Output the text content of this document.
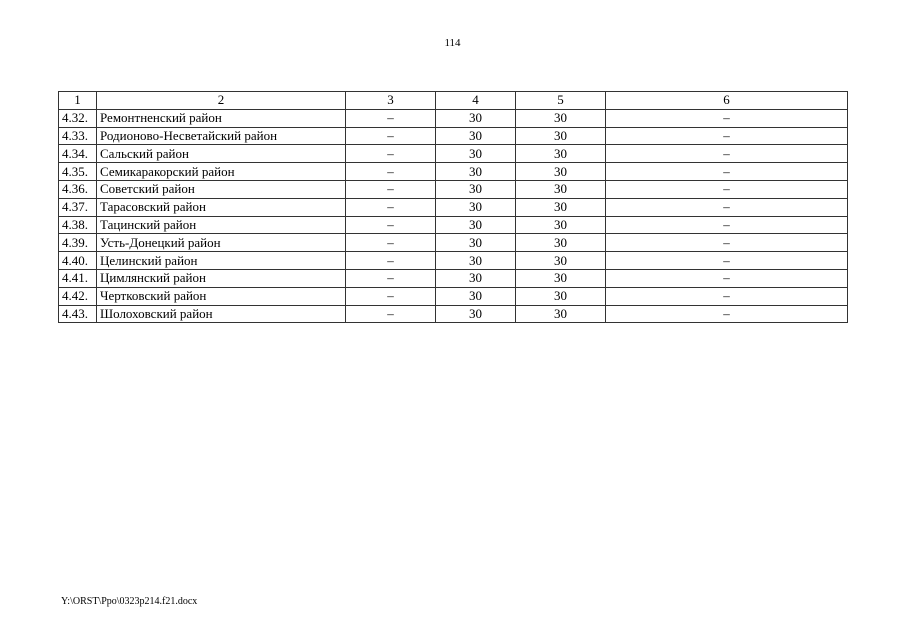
114
1	2	3	4	5	6
4.32.	Ремонтненский район	–	30	30	–
4.33.	Родионово-Несветайский район	–	30	30	–
4.34.	Сальский район	–	30	30	–
4.35.	Семикаракорский район	–	30	30	–
4.36.	Советский район	–	30	30	–
4.37.	Тарасовский район	–	30	30	–
4.38.	Тацинский район	–	30	30	–
4.39.	Усть-Донецкий район	–	30	30	–
4.40.	Целинский район	–	30	30	–
4.41.	Цимлянский район	–	30	30	–
4.42.	Чертковский район	–	30	30	–
4.43.	Шолоховский район	–	30	30	–
Y:\ORST\Ppo\0323p214.f21.docx
